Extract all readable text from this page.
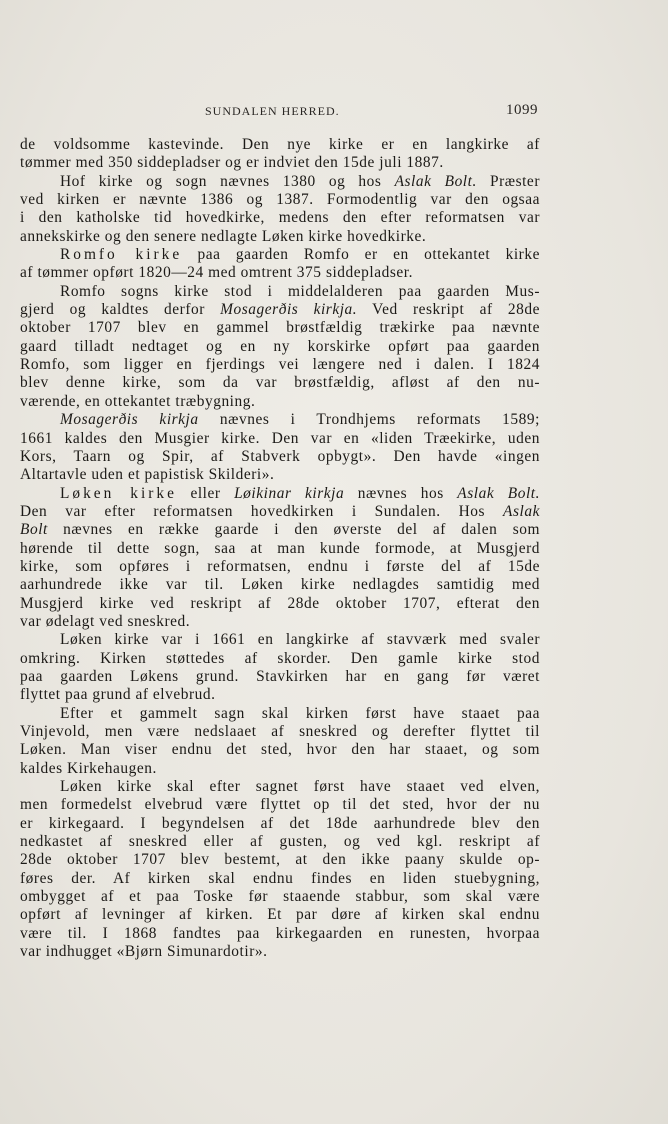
SUNDALEN HERRED.	1099
de voldsomme kastevinde. Den nye kirke er en langkirke af
tømmer med 350 siddepladser og er indviet den 15de juli 1887.
Hof kirke og sogn nævnes 1380 og hos Aslak Bolt. Præster
ved kirken er nævnte 1386 og 1387. Formodentlig var den ogsaa
i den katholske tid hovedkirke, medens den efter reformatsen var
annekskirke og den senere nedlagte Løken kirke hovedkirke.
Romfo kirke paa gaarden Romfo er en ottekantet kirke
af tømmer opført 1820—24 med omtrent 375 siddepladser.
Romfo sogns kirke stod i middelalderen paa gaarden Mus-
gjerd og kaldtes derfor Mosagerðis kirkja. Ved reskript af 28de
oktober 1707 blev en gammel brøstfældig trækirke paa nævnte
gaard tilladt nedtaget og en ny korskirke opført paa gaarden
Romfo, som ligger en fjerdings vei længere ned i dalen. I 1824
blev denne kirke, som da var brøstfældig, afløst af den nu-
værende, en ottekantet træbygning.
Mosagerðis kirkja nævnes i Trondhjems reformats 1589;
1661 kaldes den Musgier kirke. Den var en «liden Træekirke, uden
Kors, Taarn og Spir, af Stabverk opbygt». Den havde «ingen
Altartavle uden et papistisk Skilderi».
Løken kirke eller Løikinar kirkja nævnes hos Aslak Bolt.
Den var efter reformatsen hovedkirken i Sundalen. Hos Aslak
Bolt nævnes en række gaarde i den øverste del af dalen som
hørende til dette sogn, saa at man kunde formode, at Musgjerd
kirke, som opføres i reformatsen, endnu i første del af 15de
aarhundrede ikke var til. Løken kirke nedlagdes samtidig med
Musgjerd kirke ved reskript af 28de oktober 1707, efterat den
var ødelagt ved sneskred.
Løken kirke var i 1661 en langkirke af stavværk med svaler
omkring. Kirken støttedes af skorder. Den gamle kirke stod
paa gaarden Løkens grund. Stavkirken har en gang før været
flyttet paa grund af elvebrud.
Efter et gammelt sagn skal kirken først have staaet paa
Vinjevold, men være nedslaaet af sneskred og derefter flyttet til
Løken. Man viser endnu det sted, hvor den har staaet, og som
kaldes Kirkehaugen.
Løken kirke skal efter sagnet først have staaet ved elven,
men formedelst elvebrud være flyttet op til det sted, hvor der nu
er kirkegaard. I begyndelsen af det 18de aarhundrede blev den
nedkastet af sneskred eller af gusten, og ved kgl. reskript af
28de oktober 1707 blev bestemt, at den ikke paany skulde op-
føres der. Af kirken skal endnu findes en liden stuebygning,
ombygget af et paa Toske før staaende stabbur, som skal være
opført af levninger af kirken. Et par døre af kirken skal endnu
være til. I 1868 fandtes paa kirkegaarden en runesten, hvorpaa
var indhugget «Bjørn Simunardotir».
